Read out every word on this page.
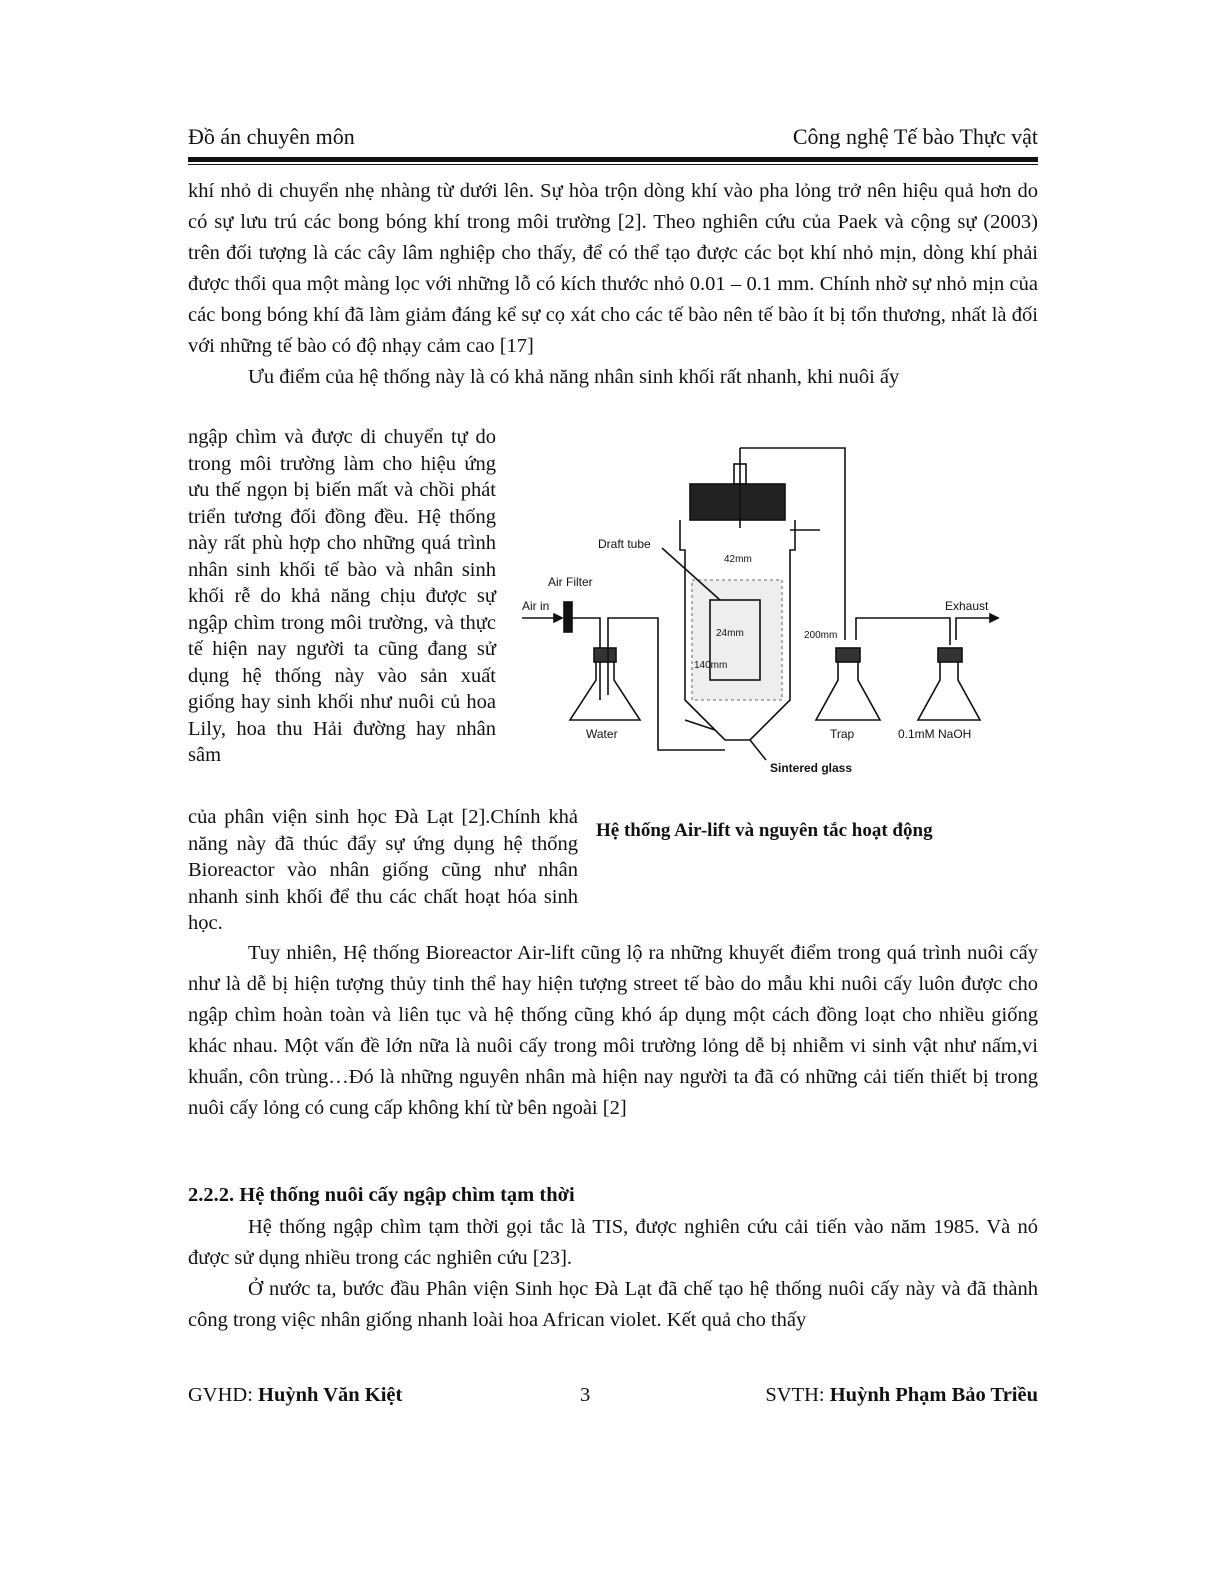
Đồ án chuyên môn	Công nghệ Tế bào Thực vật

khí nhỏ di chuyển nhẹ nhàng từ dưới lên. Sự hòa trộn dòng khí vào pha lỏng trở nên hiệu quả hơn do có sự lưu trú các bong bóng khí trong môi trường [2]. Theo nghiên cứu của Paek và cộng sự (2003) trên đối tượng là các cây lâm nghiệp cho thấy, để có thể tạo được các bọt khí nhỏ mịn, dòng khí phải được thổi qua một màng lọc với những lỗ có kích thước nhỏ 0.01 – 0.1 mm. Chính nhờ sự nhỏ mịn của các bong bóng khí đã làm giảm đáng kể sự cọ xát cho các tế bào nên tế bào ít bị tổn thương, nhất là đối với những tế bào có độ nhạy cảm cao [17]

Ưu điểm của hệ thống này là có khả năng nhân sinh khối rất nhanh, khi nuôi ấy

ngập chìm và được di chuyển tự do trong môi trường làm cho hiệu ứng ưu thế ngọn bị biến mất và chồi phát triển tương đối đồng đều. Hệ thống này rất phù hợp cho những quá trình nhân sinh khối tế bào và nhân sinh khối rễ do khả năng chịu được sự ngập chìm trong môi trường, và thực tế hiện nay người ta cũng đang sử dụng hệ thống này vào sản xuất giống hay sinh khối như nuôi củ hoa Lily, hoa thu Hải đường hay nhân sâm
của phân viện sinh học Đà Lạt [2].Chính khả năng này đã thúc đẩy sự ứng dụng hệ thống Bioreactor vào nhân giống cũng như nhân nhanh sinh khối để thu các chất hoạt hóa sinh học.
Draft tube
Air Filter
Air in	Exhaust
42mm
24mm
140mm
200mm
Water	Trap	0.1mM NaOH
Sintered glass
Hệ thống Air-lift và nguyên tắc hoạt động

Tuy nhiên, Hệ thống Bioreactor Air-lift cũng lộ ra những khuyết điểm trong quá trình nuôi cấy như là dễ bị hiện tượng thủy tinh thể hay hiện tượng street tế bào do mẫu khi nuôi cấy luôn được cho ngập chìm hoàn toàn và liên tục và hệ thống cũng khó áp dụng một cách đồng loạt cho nhiều giống khác nhau. Một vấn đề lớn nữa là nuôi cấy trong môi trường lỏng dễ bị nhiễm vi sinh vật như nấm,vi khuẩn, côn trùng…Đó là những nguyên nhân mà hiện nay người ta đã có những cải tiến thiết bị trong nuôi cấy lỏng có cung cấp không khí từ bên ngoài [2]

2.2.2. Hệ thống nuôi cấy ngập chìm tạm thời

Hệ thống ngập chìm tạm thời gọi tắc là TIS, được nghiên cứu cải tiến vào năm 1985. Và nó được sử dụng nhiều trong các nghiên cứu [23].

Ở nước ta, bước đầu Phân viện Sinh học Đà Lạt đã chế tạo hệ thống nuôi cấy này và đã thành công trong việc nhân giống nhanh loài hoa African violet. Kết quả cho thấy

GVHD: Huỳnh Văn Kiệt	3	SVTH: Huỳnh Phạm Bảo Triều
